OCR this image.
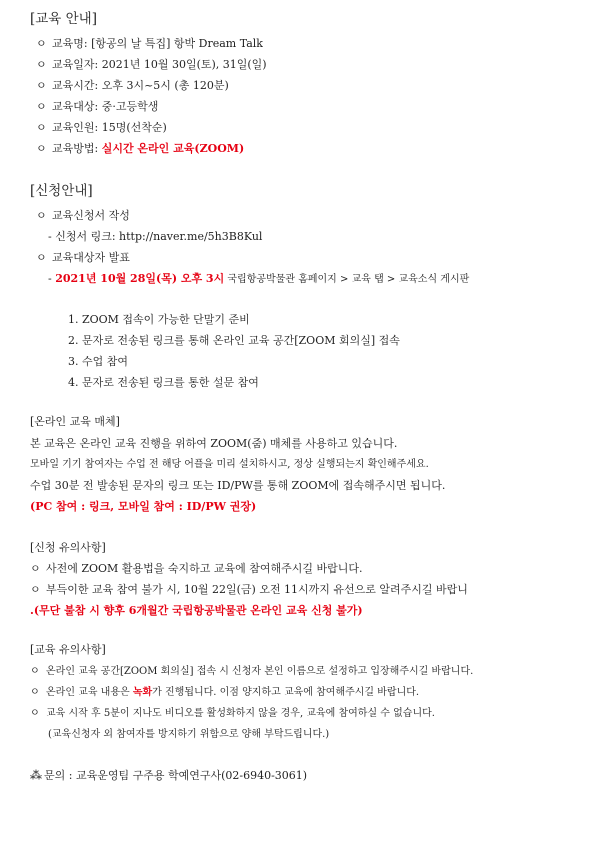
[교육 안내]
ㅇ 교육명: [항공의 날 특집] 항박 Dream Talk
ㅇ 교육일자: 2021년 10월 30일(토), 31일(일)
ㅇ 교육시간: 오후 3시~5시 (총 120분)
ㅇ 교육대상: 중·고등학생
ㅇ 교육인원: 15명(선착순)
ㅇ 교육방법: 실시간 온라인 교육(ZOOM)
[신청안내]
ㅇ 교육신청서 작성
- 신청서 링크: http://naver.me/5h3B8Kul
ㅇ 교육대상자 발표
- 2021년 10월 28일(목) 오후 3시 국립항공박물관 홈페이지 > 교육 탭 > 교육소식 게시판
1. ZOOM 접속이 가능한 단말기 준비
2. 문자로 전송된 링크를 통해 온라인 교육 공간[ZOOM 회의실] 접속
3. 수업 참여
4. 문자로 전송된 링크를 통한 설문 참여
[온라인 교육 매체]
본 교육은 온라인 교육 진행을 위하여 ZOOM(줌) 매체를 사용하고 있습니다.
모바일 기기 참여자는 수업 전 해당 어플을 미리 설치하시고, 정상 실행되는지 확인해주세요.
수업 30분 전 발송된 문자의 링크 또는 ID/PW를 통해 ZOOM에 접속해주시면 됩니다.
(PC 참여 : 링크, 모바일 참여 : ID/PW 권장)
[신청 유의사항]
ㅇ 사전에 ZOOM 활용법을 숙지하고 교육에 참여해주시길 바랍니다.
ㅇ 부득이한 교육 참여 불가 시, 10월 22일(금) 오전 11시까지 유선으로 알려주시길 바랍니
.(무단 불참 시 향후 6개월간 국립항공박물관 온라인 교육 신청 불가)
[교육 유의사항]
ㅇ 온라인 교육 공간[ZOOM 회의실] 접속 시 신청자 본인 이름으로 설정하고 입장해주시길 바랍니다.
ㅇ 온라인 교육 내용은 녹화가 진행됩니다. 이점 양지하고 교육에 참여해주시길 바랍니다.
ㅇ 교육 시작 후 5분이 지나도 비디오를 활성화하지 않을 경우, 교육에 참여하실 수 없습니다.
(교육신청자 외 참여자를 방지하기 위함으로 양해 부탁드립니다.)
⁂ 문의 : 교육운영팀 구주용 학예연구사(02-6940-3061)
